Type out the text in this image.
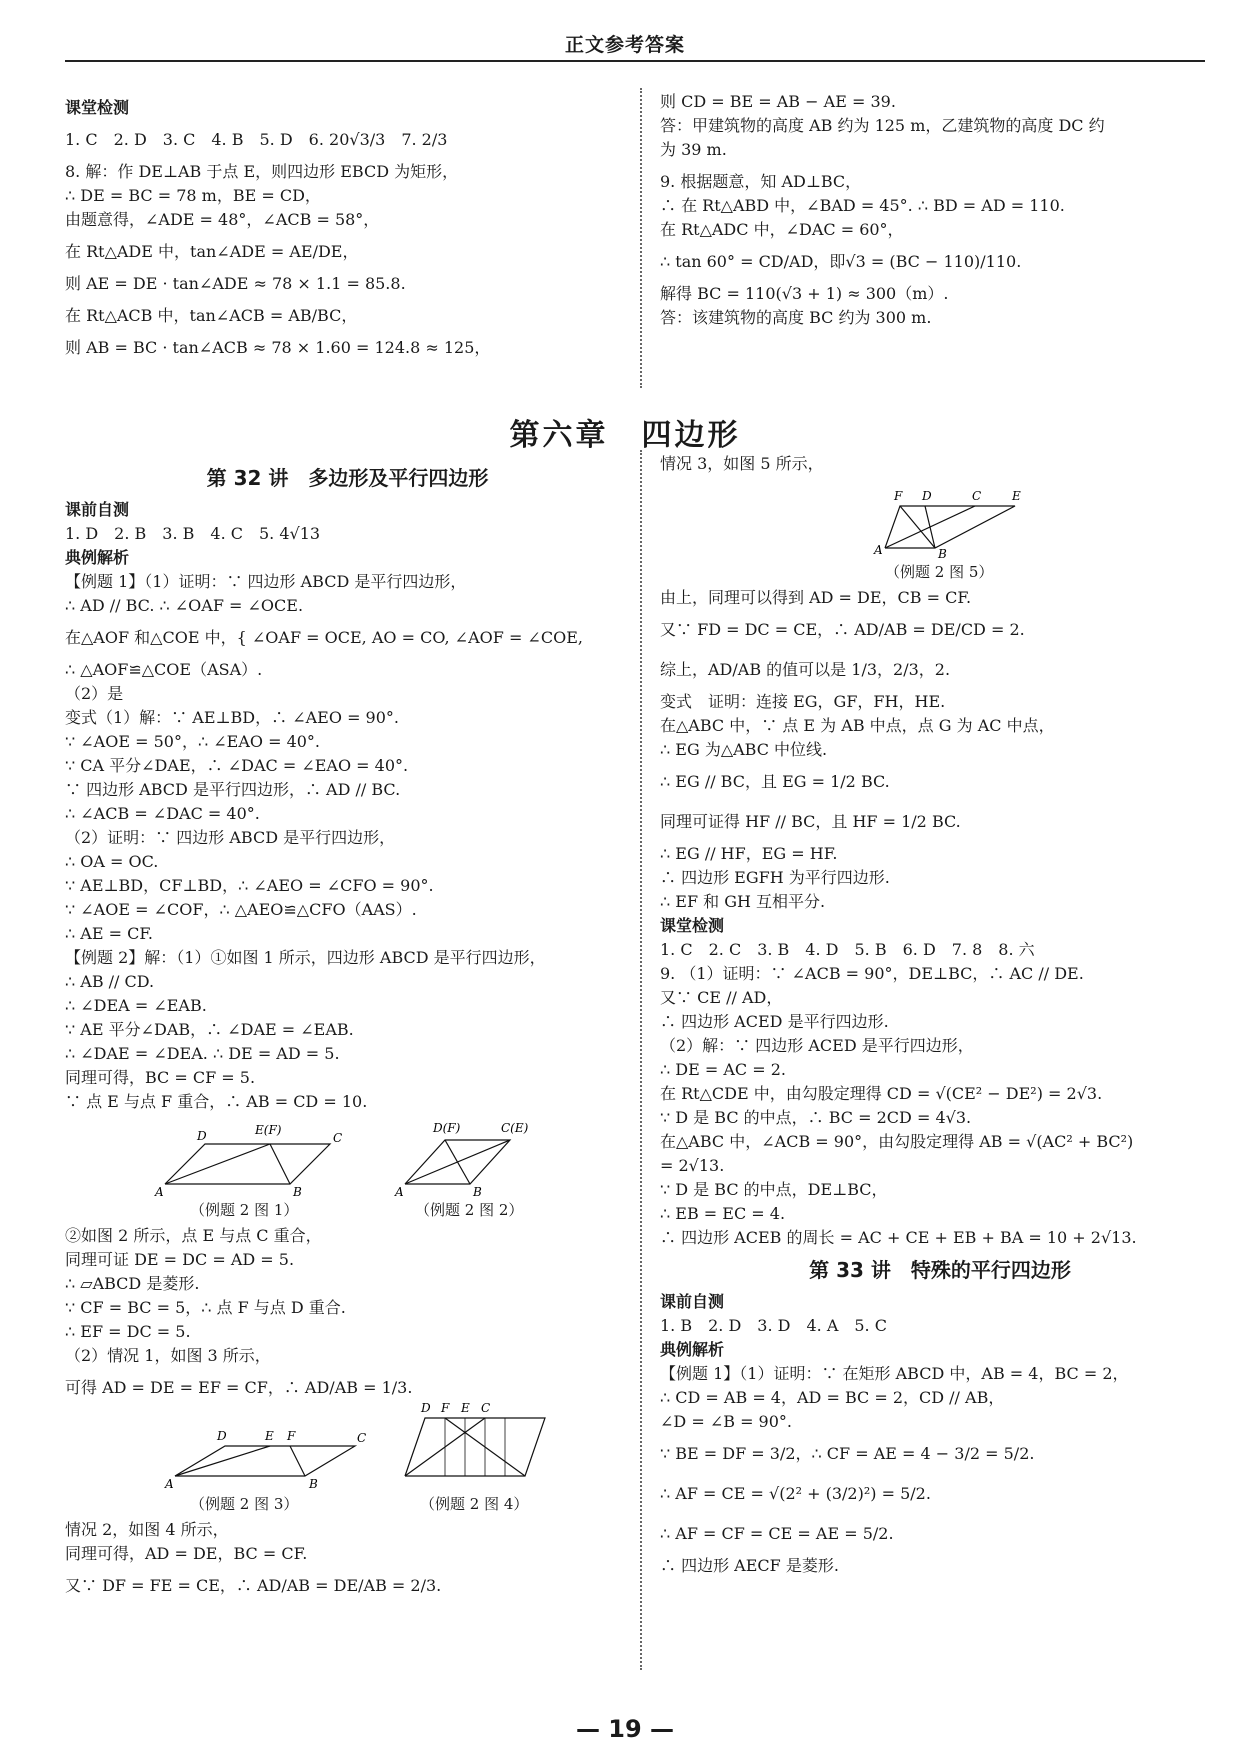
正文参考答案
课堂检测
1. C　2. D　3. C　4. B　5. D　6. 20√3/3　7. 2/3
8. 解：作 DE⊥AB 于点 E，则四边形 EBCD 为矩形，
∴ DE = BC = 78 m，BE = CD，
由题意得，∠ADE = 48°，∠ACB = 58°，
在 Rt△ADE 中，tan∠ADE = AE/DE，
则 AE = DE · tan∠ADE ≈ 78 × 1.1 = 85.8.
在 Rt△ACB 中，tan∠ACB = AB/BC，
则 AB = BC · tan∠ACB ≈ 78 × 1.60 = 124.8 ≈ 125，
则 CD = BE = AB − AE = 39.
答：甲建筑物的高度 AB 约为 125 m，乙建筑物的高度 DC 约
为 39 m.
9. 根据题意，知 AD⊥BC，
∴ 在 Rt△ABD 中，∠BAD = 45°. ∴ BD = AD = 110.
在 Rt△ADC 中，∠DAC = 60°，
∴ tan 60° = CD/AD，即√3 = (BC − 110)/110.
解得 BC = 110(√3 + 1) ≈ 300（m）.
答：该建筑物的高度 BC 约为 300 m.
第六章　四边形
第 32 讲　多边形及平行四边形
课前自测
1. D　2. B　3. B　4. C　5. 4√13
典例解析
【例题 1】（1）证明：∵ 四边形 ABCD 是平行四边形，
∴ AD // BC. ∴ ∠OAF = ∠OCE.
在△AOF 和△COE 中，{ ∠OAF = OCE, AO = CO, ∠AOF = ∠COE,
∴ △AOF≌△COE（ASA）.
（2）是
变式（1）解：∵ AE⊥BD，∴ ∠AEO = 90°.
∵ ∠AOE = 50°，∴ ∠EAO = 40°.
∵ CA 平分∠DAE，∴ ∠DAC = ∠EAO = 40°.
∵ 四边形 ABCD 是平行四边形，∴ AD // BC.
∴ ∠ACB = ∠DAC = 40°.
（2）证明：∵ 四边形 ABCD 是平行四边形，
∴ OA = OC.
∵ AE⊥BD，CF⊥BD，∴ ∠AEO = ∠CFO = 90°.
∵ ∠AOE = ∠COF，∴ △AEO≌△CFO（AAS）.
∴ AE = CF.
【例题 2】解：（1）①如图 1 所示，四边形 ABCD 是平行四边形，
∴ AB // CD.
∴ ∠DEA = ∠EAB.
∵ AE 平分∠DAB，∴ ∠DAE = ∠EAB.
∴ ∠DAE = ∠DEA. ∴ DE = AD = 5.
同理可得，BC = CF = 5.
∵ 点 E 与点 F 重合，∴ AB = CD = 10.
A	B
D	E(F)
C
A	B
D(F)	C(E)
（例题 2 图 1）	（例题 2 图 2）
②如图 2 所示，点 E 与点 C 重合，
同理可证 DE = DC = AD = 5.
∴ ▱ABCD 是菱形.
∵ CF = BC = 5，∴ 点 F 与点 D 重合.
∴ EF = DC = 5.
（2）情况 1，如图 3 所示，
可得 AD = DE = EF = CF，∴ AD/AB = 1/3.
A	B
D	E F	C
D F E C
（例题 2 图 3）	（例题 2 图 4）
情况 2，如图 4 所示，
同理可得，AD = DE，BC = CF.
又∵ DF = FE = CE，∴ AD/AB = DE/AB = 2/3.
情况 3，如图 5 所示，
A	B
F D	C	E
（例题 2 图 5）
由上，同理可以得到 AD = DE，CB = CF.
又∵ FD = DC = CE，∴ AD/AB = DE/CD = 2.
综上，AD/AB 的值可以是 1/3，2/3，2.
变式　证明：连接 EG，GF，FH，HE.
在△ABC 中，∵ 点 E 为 AB 中点，点 G 为 AC 中点，
∴ EG 为△ABC 中位线.
∴ EG // BC，且 EG = 1/2 BC.
同理可证得 HF // BC，且 HF = 1/2 BC.
∴ EG // HF，EG = HF.
∴ 四边形 EGFH 为平行四边形.
∴ EF 和 GH 互相平分.
课堂检测
1. C　2. C　3. B　4. D　5. B　6. D　7. 8　8. 六
9. （1）证明：∵ ∠ACB = 90°，DE⊥BC，∴ AC // DE.
又∵ CE // AD，
∴ 四边形 ACED 是平行四边形.
（2）解：∵ 四边形 ACED 是平行四边形，
∴ DE = AC = 2.
在 Rt△CDE 中，由勾股定理得 CD = √(CE² − DE²) = 2√3.
∵ D 是 BC 的中点，∴ BC = 2CD = 4√3.
在△ABC 中，∠ACB = 90°，由勾股定理得 AB = √(AC² + BC²)
= 2√13.
∵ D 是 BC 的中点，DE⊥BC，
∴ EB = EC = 4.
∴ 四边形 ACEB 的周长 = AC + CE + EB + BA = 10 + 2√13.
第 33 讲　特殊的平行四边形
课前自测
1. B　2. D　3. D　4. A　5. C
典例解析
【例题 1】（1）证明：∵ 在矩形 ABCD 中，AB = 4，BC = 2，
∴ CD = AB = 4，AD = BC = 2，CD // AB，
∠D = ∠B = 90°.
∵ BE = DF = 3/2，∴ CF = AE = 4 − 3/2 = 5/2.
∴ AF = CE = √(2² + (3/2)²) = 5/2.
∴ AF = CF = CE = AE = 5/2.
∴ 四边形 AECF 是菱形.
— 19 —
